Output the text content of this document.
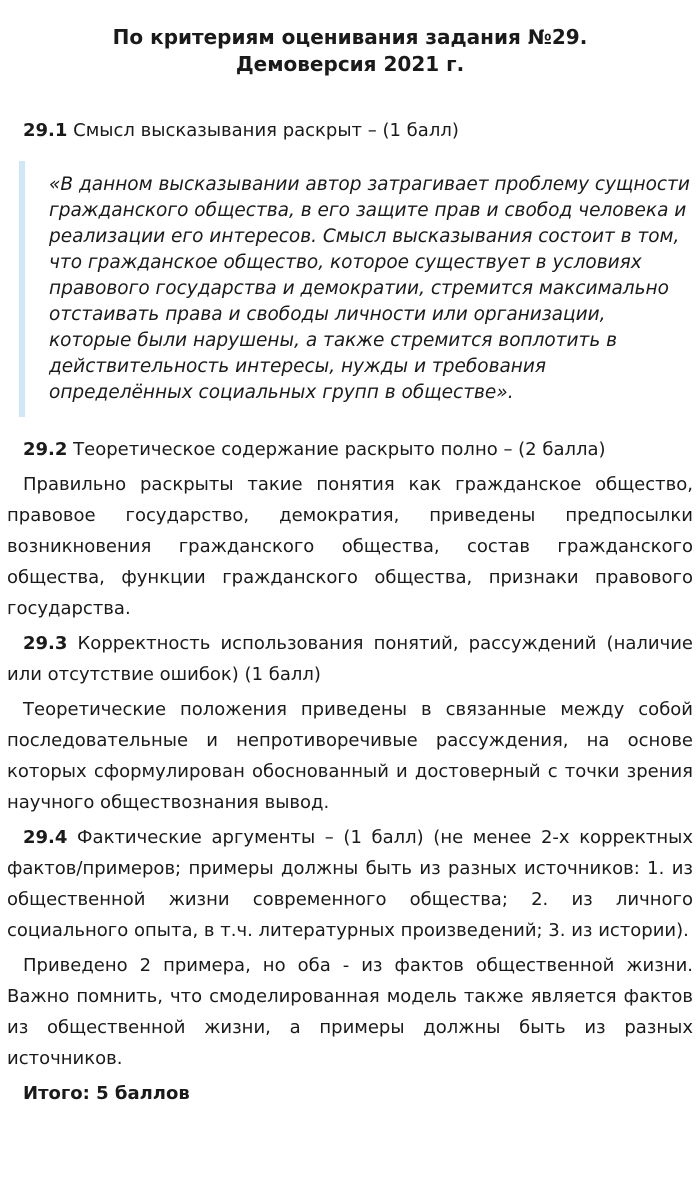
По критериям оценивания задания №29.
Демоверсия 2021 г.

29.1 Смысл высказывания раскрыт – (1 балл)

«В данном высказывании автор затрагивает проблему сущности гражданского общества, в его защите прав и свобод человека и реализации его интересов. Смысл высказывания состоит в том, что гражданское общество, которое существует в условиях правового государства и демократии, стремится максимально отстаивать права и свободы личности или организации, которые были нарушены, а также стремится воплотить в действительность интересы, нужды и требования определённых социальных групп в обществе».

29.2 Теоретическое содержание раскрыто полно – (2 балла)

Правильно раскрыты такие понятия как гражданское общество, правовое государство, демократия, приведены предпосылки возникновения гражданского общества, состав гражданского общества, функции гражданского общества, признаки правового государства.

29.3 Корректность использования понятий, рассуждений (наличие или отсутствие ошибок) (1 балл)

Теоретические положения приведены в связанные между собой последовательные и непротиворечивые рассуждения, на основе которых сформулирован обоснованный и достоверный с точки зрения научного обществознания вывод.

29.4 Фактические аргументы – (1 балл) (не менее 2-х корректных фактов/примеров; примеры должны быть из разных источников: 1. из общественной жизни современного общества; 2. из личного социального опыта, в т.ч. литературных произведений; 3. из истории).

Приведено 2 примера, но оба - из фактов общественной жизни. Важно помнить, что смоделированная модель также является фактов из общественной жизни, а примеры должны быть из разных источников.

Итого: 5 баллов
